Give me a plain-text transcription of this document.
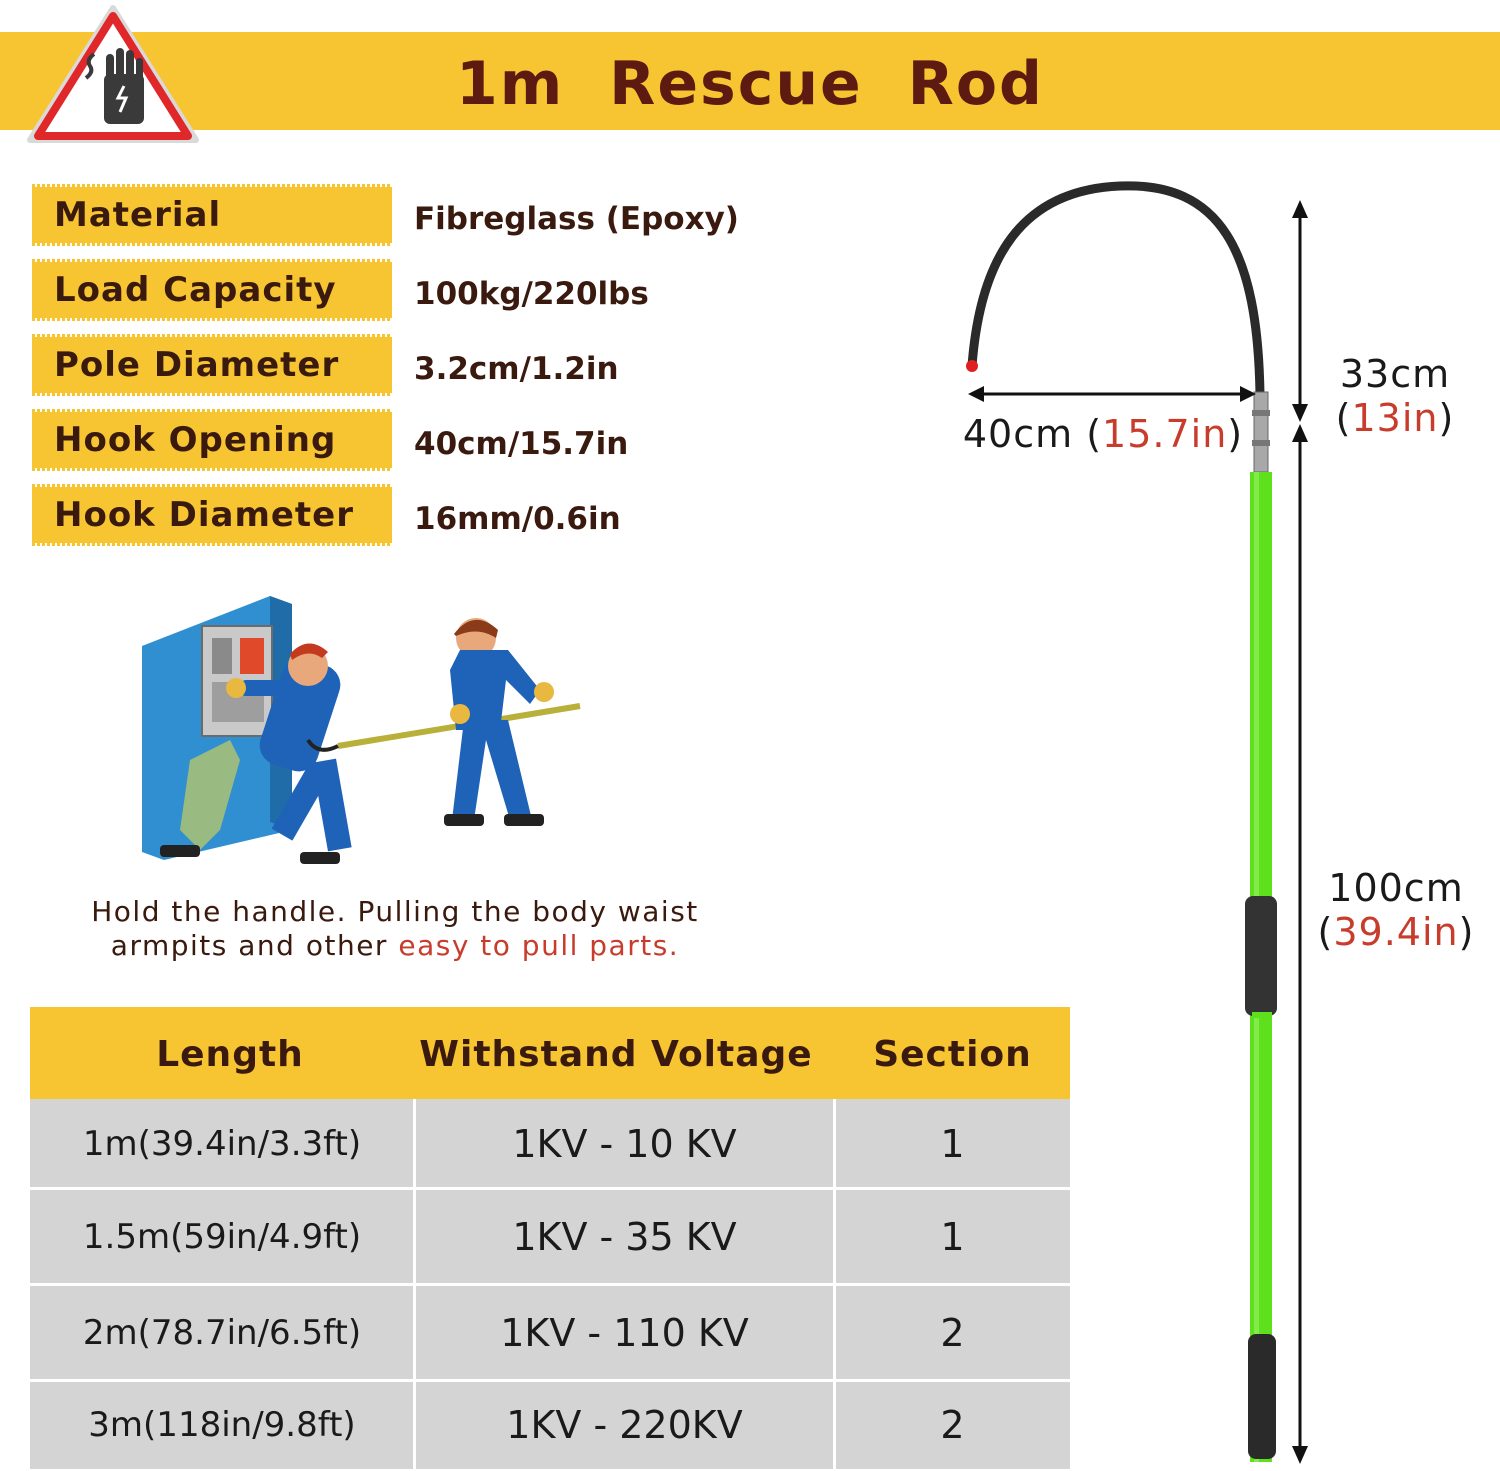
1m Rescue Rod
Material	Fibreglass (Epoxy)
Load Capacity	100kg/220lbs
Pole Diameter	3.2cm/1.2in
Hook Opening	40cm/15.7in
Hook Diameter	16mm/0.6in
Hold the handle. Pulling the body waist
armpits and other easy to pull parts.
Length	Withstand Voltage	Section
1m (39.4in/3.3ft)	1KV - 10 KV	1
1.5m (59in/4.9ft)	1KV - 35 KV	1
2m (78.7in/6.5ft)	1KV - 110 KV	2
3m (118in/9.8ft)	1KV - 220KV	2
40cm (15.7in)
33cm
(13in)
100cm
(39.4in)
